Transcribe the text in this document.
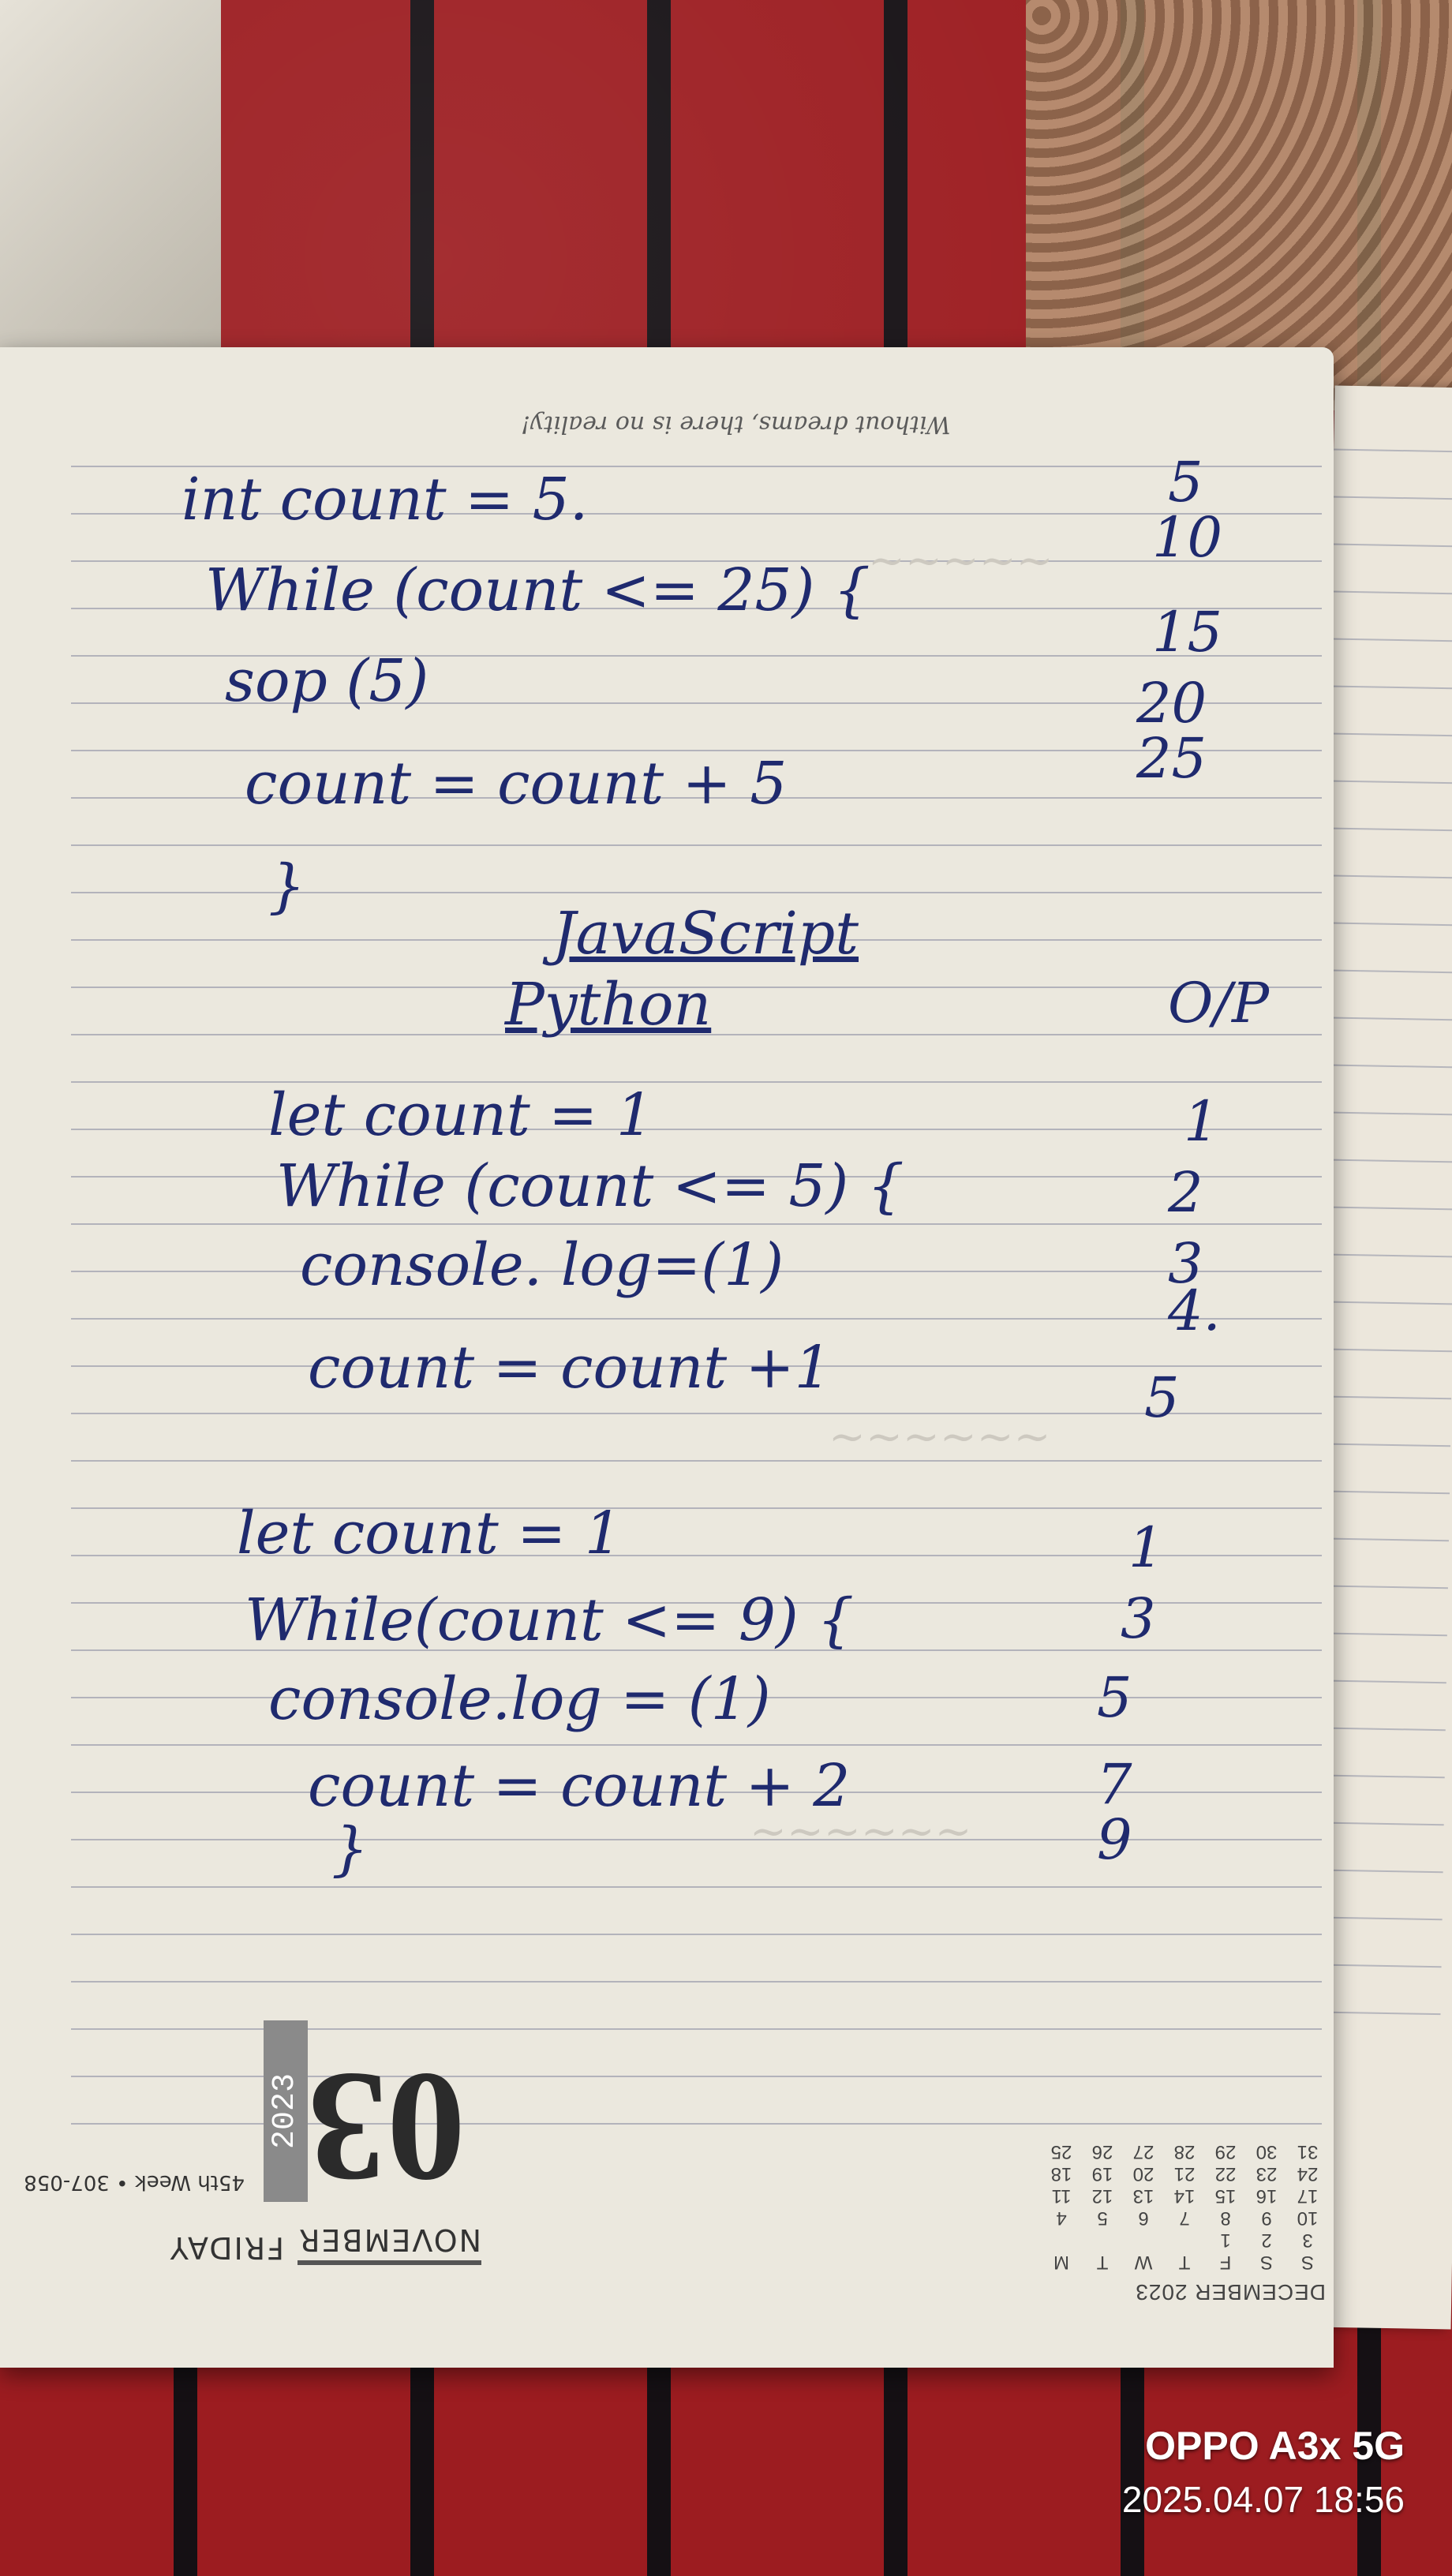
~~~~~
~~~~~~
~~~~~~
Without dreams, there is no reality!
int count = 5.
While (count <= 25) {
sop (5)
count = count + 5
}
5
10
15
20
25
JavaScript
Python	O/P
let count = 1
While (count <= 5) {
console. log=(1)
count = count +1
1
2
3
4.
5
let count = 1
While(count <= 9) {
console.log = (1)
count = count + 2
}
1
3
5
7
9
FRIDAY NOVEMBER
03
2023
45th Week • 307-058
DECEMBER 2023
S
S
F
T
W
T
M
3
2
1
10
9
8
7
6
5
4
17
16
15
14
13
12
11
24
23
22
21
20
19
18
31
30
29
28
27
26
25
OPPO A3x 5G
2025.04.07 18:56
